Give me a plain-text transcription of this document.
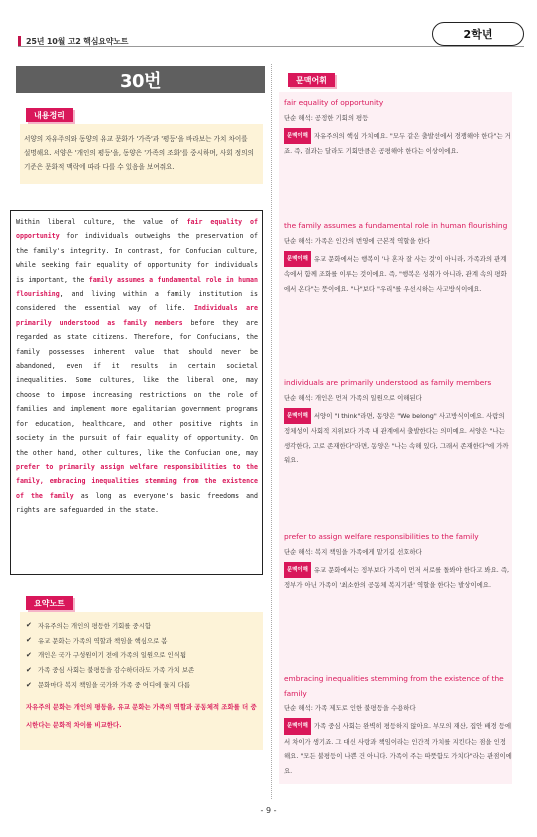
25년 10월 고2 핵심요약노트
2학년
30번
내용정리

서양의 자유주의와 동양의 유교 문화가 '가족'과 '평등'을 바라보는 가치 차이를 설명해요. 서양은 '개인의 평등'을, 동양은 '가족의 조화'를 중시하며, 사회 정의의 기준은 문화적 맥락에 따라 다를 수 있음을 보여줘요.

Within liberal culture, the value of fair equality of opportunity for individuals outweighs the preservation of the family's integrity. In contrast, for Confucian culture, while seeking fair equality of opportunity for individuals is important, the family assumes a fundamental role in human flourishing, and living within a family institution is considered the essential way of life. Individuals are primarily understood as family members before they are regarded as state citizens. Therefore, for Confucians, the family possesses inherent value that should never be abandoned, even if it results in certain societal inequalities. Some cultures, like the liberal one, may choose to impose increasing restrictions on the role of families and implement more egalitarian government programs for education, healthcare, and other positive rights in society in the pursuit of fair equality of opportunity. On the other hand, other cultures, like the Confucian one, may prefer to primarily assign welfare responsibilities to the family, embracing inequalities stemming from the existence of the family as long as everyone's basic freedoms and rights are safeguarded in the state.

요약노트
✔ 자유주의는 개인의 평등한 기회를 중시함
✔ 유교 문화는 가족의 역할과 책임을 핵심으로 봄
✔ 개인은 국가 구성원이기 전에 가족의 일원으로 인식됨
✔ 가족 중심 사회는 불평등을 감수하더라도 가족 가치 보존
✔ 문화마다 복지 책임을 국가와 가족 중 어디에 둘지 다름

자유주의 문화는 개인의 평등을, 유교 문화는 가족의 역할과 공동체적 조화를 더 중시한다는 문화적 차이를 비교한다.

문맥어휘
fair equality of opportunity
단순 해석: 공정한 기회의 평등
문맥이해 자유주의의 핵심 가치예요. "모두 같은 출발선에서 경쟁해야 한다"는 거죠. 즉, 결과는 달라도 기회만큼은 공평해야 한다는 이상이에요.
the family assumes a fundamental role in human flourishing
단순 해석: 가족은 인간의 번영에 근본적 역할을 한다
문맥이해 유교 문화에서는 행복이 '나 혼자 잘 사는 것'이 아니라, 가족과의 관계 속에서 함께 조화를 이루는 것이에요. 즉, "행복은 성취가 아니라, 관계 속의 평화에서 온다"는 뜻이에요. "나"보다 "우리"를 우선시하는 사고방식이에요.
individuals are primarily understood as family members
단순 해석: 개인은 먼저 가족의 일원으로 이해된다
문맥이해 서양이 "I think"라면, 동양은 "We belong" 사고방식이에요. 사람의 정체성이 사회적 지위보다 가족 내 관계에서 출발한다는 의미예요. 서양은 "나는 생각한다, 고로 존재한다"라면, 동양은 "나는 속해 있다, 그래서 존재한다"에 가까워요.
prefer to assign welfare responsibilities to the family
단순 해석: 복지 책임을 가족에게 맡기길 선호하다
문맥이해 유교 문화에서는 정부보다 가족이 먼저 서로를 돌봐야 한다고 봐요. 즉, 정부가 아닌 가족이 '최소한의 공동체 복지기관' 역할을 한다는 발상이에요.
embracing inequalities stemming from the existence of the family
단순 해석: 가족 제도로 인한 불평등을 수용하다
문맥이해 가족 중심 사회는 완벽히 평등하지 않아요. 부모의 재산, 집안 배경 등에서 차이가 생기죠. 그 대신 사랑과 책임이라는 인간적 가치를 지킨다는 점을 인정해요. "모든 불평등이 나쁜 건 아니다. 가족이 주는 따뜻함도 가치다"라는 관점이에요.
- 9 -
